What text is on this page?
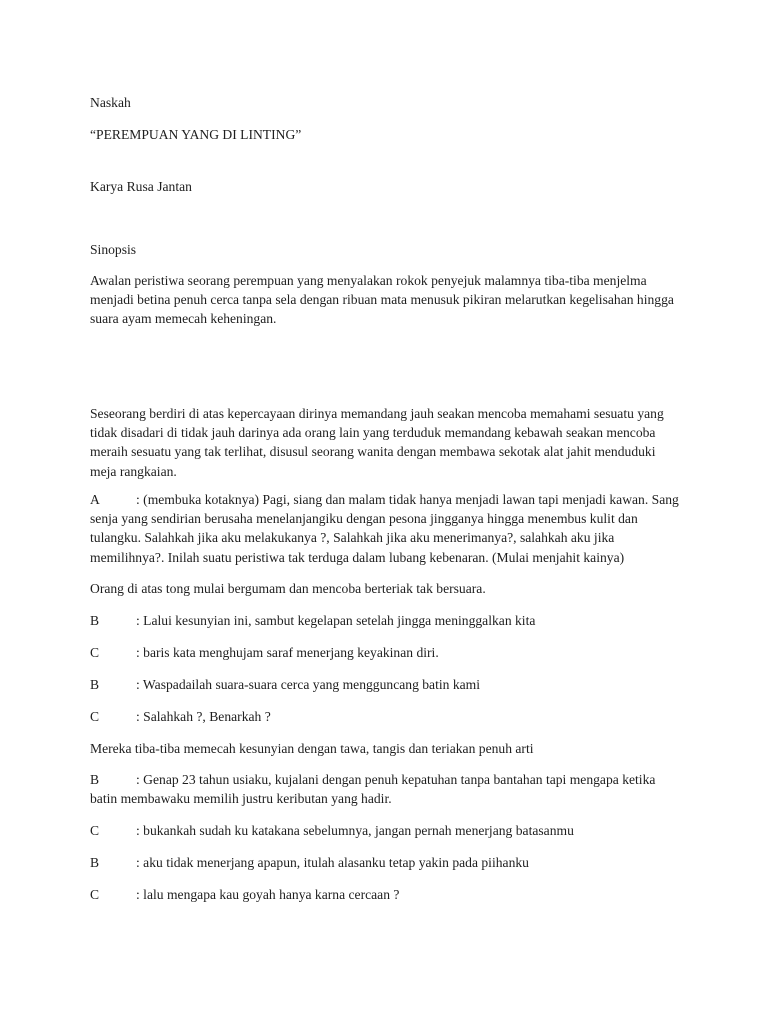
Naskah
“PEREMPUAN YANG DI LINTING”
Karya Rusa Jantan
Sinopsis
Awalan peristiwa seorang perempuan yang menyalakan rokok penyejuk malamnya tiba-tiba menjelma menjadi betina penuh cerca tanpa sela dengan ribuan mata menusuk pikiran melarutkan kegelisahan hingga suara ayam memecah keheningan.
Seseorang berdiri di atas kepercayaan dirinya memandang jauh seakan mencoba memahami sesuatu yang tidak disadari di tidak jauh darinya ada orang lain yang terduduk memandang kebawah seakan mencoba meraih sesuatu yang tak terlihat, disusul seorang wanita dengan membawa sekotak alat jahit menduduki meja rangkaian.
A	: (membuka kotaknya) Pagi, siang dan malam tidak hanya menjadi lawan tapi menjadi kawan. Sang senja yang sendirian berusaha menelanjangiku dengan pesona jingganya hingga menembus kulit dan tulangku. Salahkah jika aku melakukanya ?, Salahkah jika aku menerimanya?, salahkah aku jika memilihnya?. Inilah suatu peristiwa tak terduga dalam lubang kebenaran. (Mulai menjahit kainya)
Orang di atas tong mulai bergumam dan mencoba berteriak tak bersuara.
B	: Lalui kesunyian ini, sambut kegelapan setelah jingga meninggalkan kita
C	: baris kata menghujam saraf menerjang keyakinan diri.
B	: Waspadailah suara-suara cerca yang mengguncang batin kami
C	: Salahkah ?, Benarkah ?
Mereka tiba-tiba memecah kesunyian dengan tawa, tangis dan teriakan penuh arti
B	: Genap 23 tahun usiaku, kujalani dengan penuh kepatuhan tanpa bantahan tapi mengapa ketika batin membawaku memilih justru keributan yang hadir.
C	: bukankah sudah ku katakana sebelumnya, jangan pernah menerjang batasanmu
B	: aku tidak menerjang apapun, itulah alasanku tetap yakin pada piihanku
C	: lalu mengapa kau goyah hanya karna cercaan ?
